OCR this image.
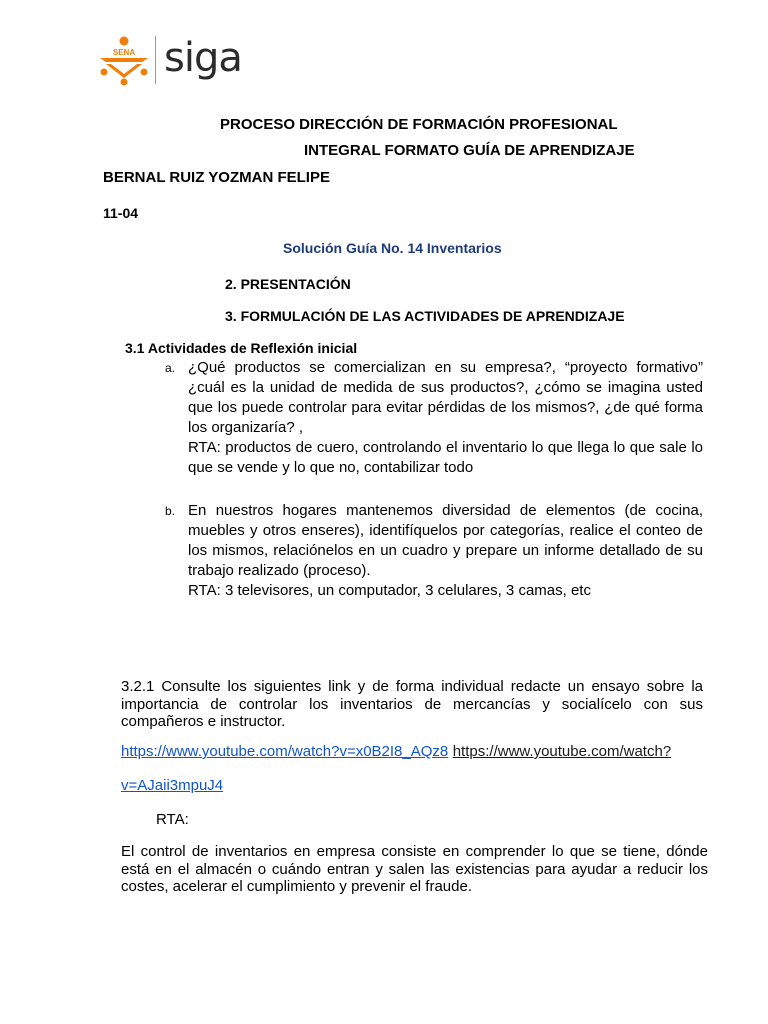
SENA siga
PROCESO DIRECCIÓN DE FORMACIÓN PROFESIONAL
INTEGRAL FORMATO GUÍA DE APRENDIZAJE
BERNAL RUIZ YOZMAN FELIPE
11-04
Solución Guía No. 14 Inventarios
2. PRESENTACIÓN
3. FORMULACIÓN DE LAS ACTIVIDADES DE APRENDIZAJE
3.1 Actividades de Reflexión inicial
a. ¿Qué productos se comercializan en su empresa?, “proyecto formativo” ¿cuál es la unidad de medida de sus productos?, ¿cómo se imagina usted que los puede controlar para evitar pérdidas de los mismos?, ¿de qué forma los organizaría? ,
RTA: productos de cuero, controlando el inventario lo que llega lo que sale lo que se vende y lo que no, contabilizar todo
b. En nuestros hogares mantenemos diversidad de elementos (de cocina, muebles y otros enseres), identifíquelos por categorías, realice el conteo de los mismos, relaciónelos en un cuadro y prepare un informe detallado de su trabajo realizado (proceso).
RTA: 3 televisores, un computador, 3 celulares, 3 camas, etc
3.2.1 Consulte los siguientes link y de forma individual redacte un ensayo sobre la importancia de controlar los inventarios de mercancías y socialícelo con sus compañeros e instructor.
https://www.youtube.com/watch?v=x0B2I8_AQz8 https://www.youtube.com/watch?
v=AJaii3mpuJ4
RTA:
El control de inventarios en empresa consiste en comprender lo que se tiene, dónde está en el almacén o cuándo entran y salen las existencias para ayudar a reducir los costes, acelerar el cumplimiento y prevenir el fraude.
